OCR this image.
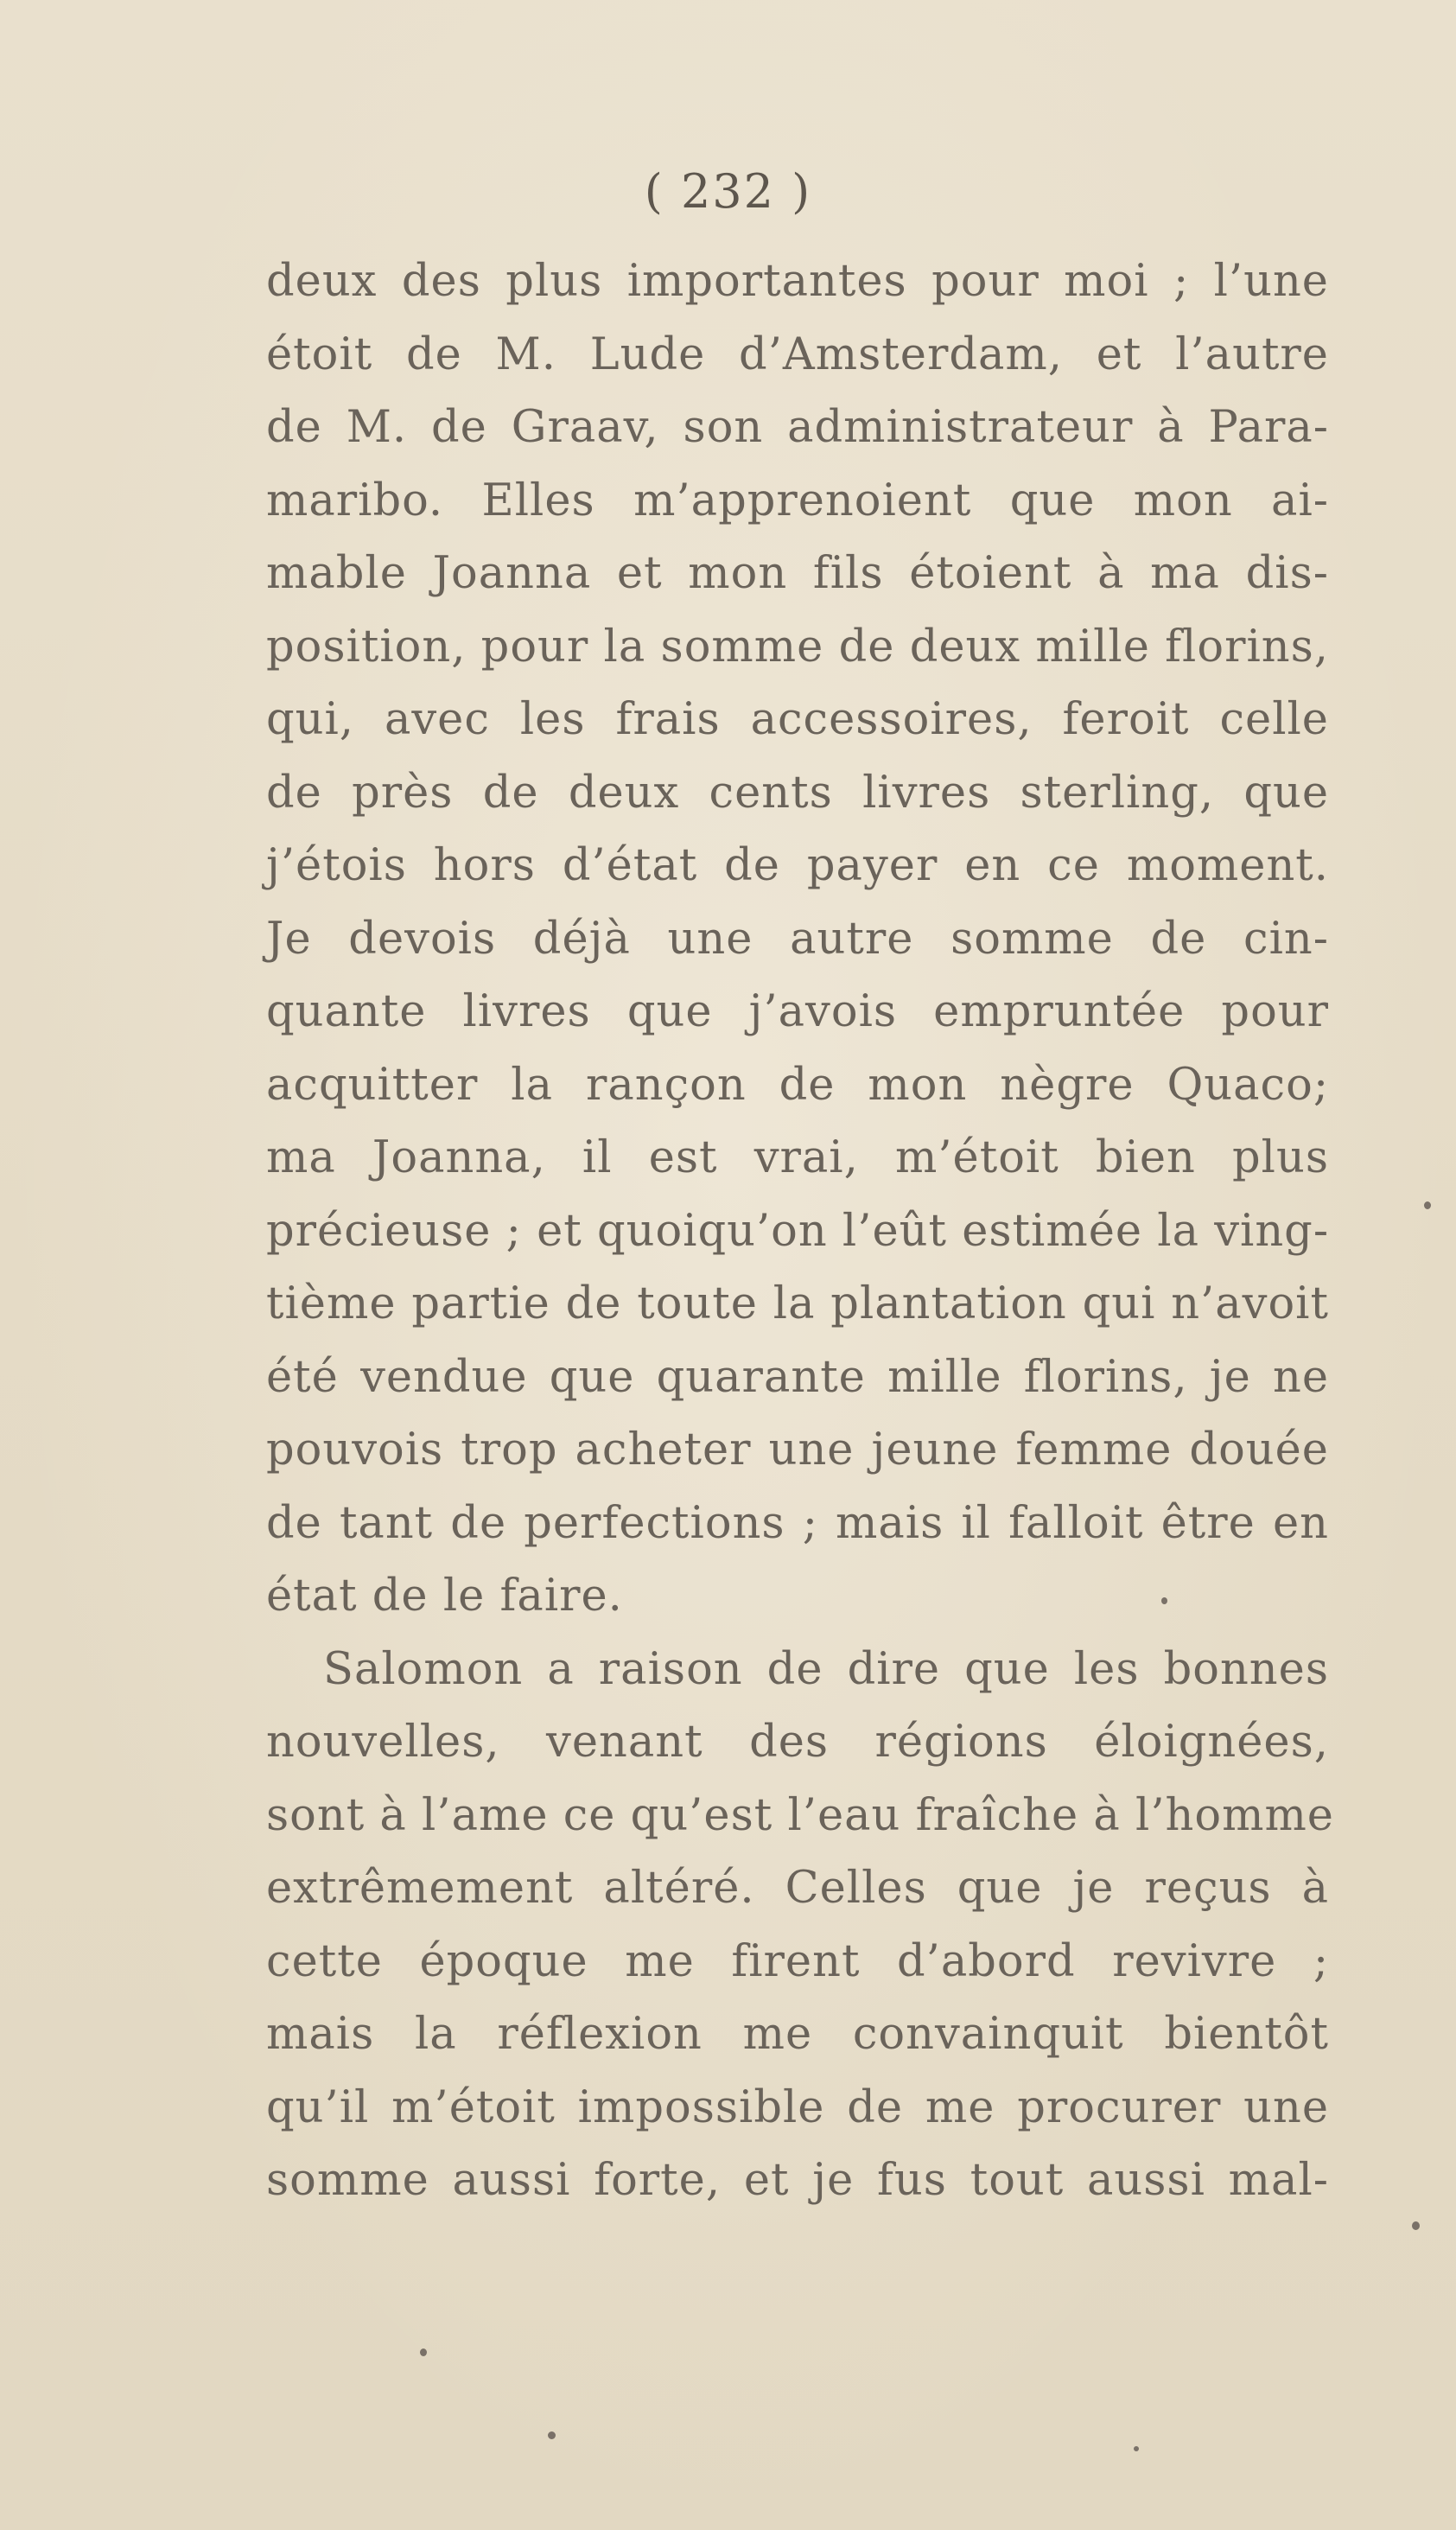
( 232 )
deux des plus importantes pour moi ; l’une
étoit de M. Lude d’Amsterdam, et l’autre
de M. de Graav, son administrateur à Para-
maribo. Elles m’apprenoient que mon ai-
mable Joanna et mon fils étoient à ma dis-
position, pour la somme de deux mille florins,
qui, avec les frais accessoires, feroit celle
de près de deux cents livres sterling, que
j’étois hors d’état de payer en ce moment.
Je devois déjà une autre somme de cin-
quante livres que j’avois empruntée pour
acquitter la rançon de mon nègre Quaco;
ma Joanna, il est vrai, m’étoit bien plus
précieuse ; et quoiqu’on l’eût estimée la ving-
tième partie de toute la plantation qui n’avoit
été vendue que quarante mille florins, je ne
pouvois trop acheter une jeune femme douée
de tant de perfections ; mais il falloit être en
état de le faire.
Salomon a raison de dire que les bonnes
nouvelles, venant des régions éloignées,
sont à l’ame ce qu’est l’eau fraîche à l’homme
extrêmement altéré. Celles que je reçus à
cette époque me firent d’abord revivre ;
mais la réflexion me convainquit bientôt
qu’il m’étoit impossible de me procurer une
somme aussi forte, et je fus tout aussi mal-
